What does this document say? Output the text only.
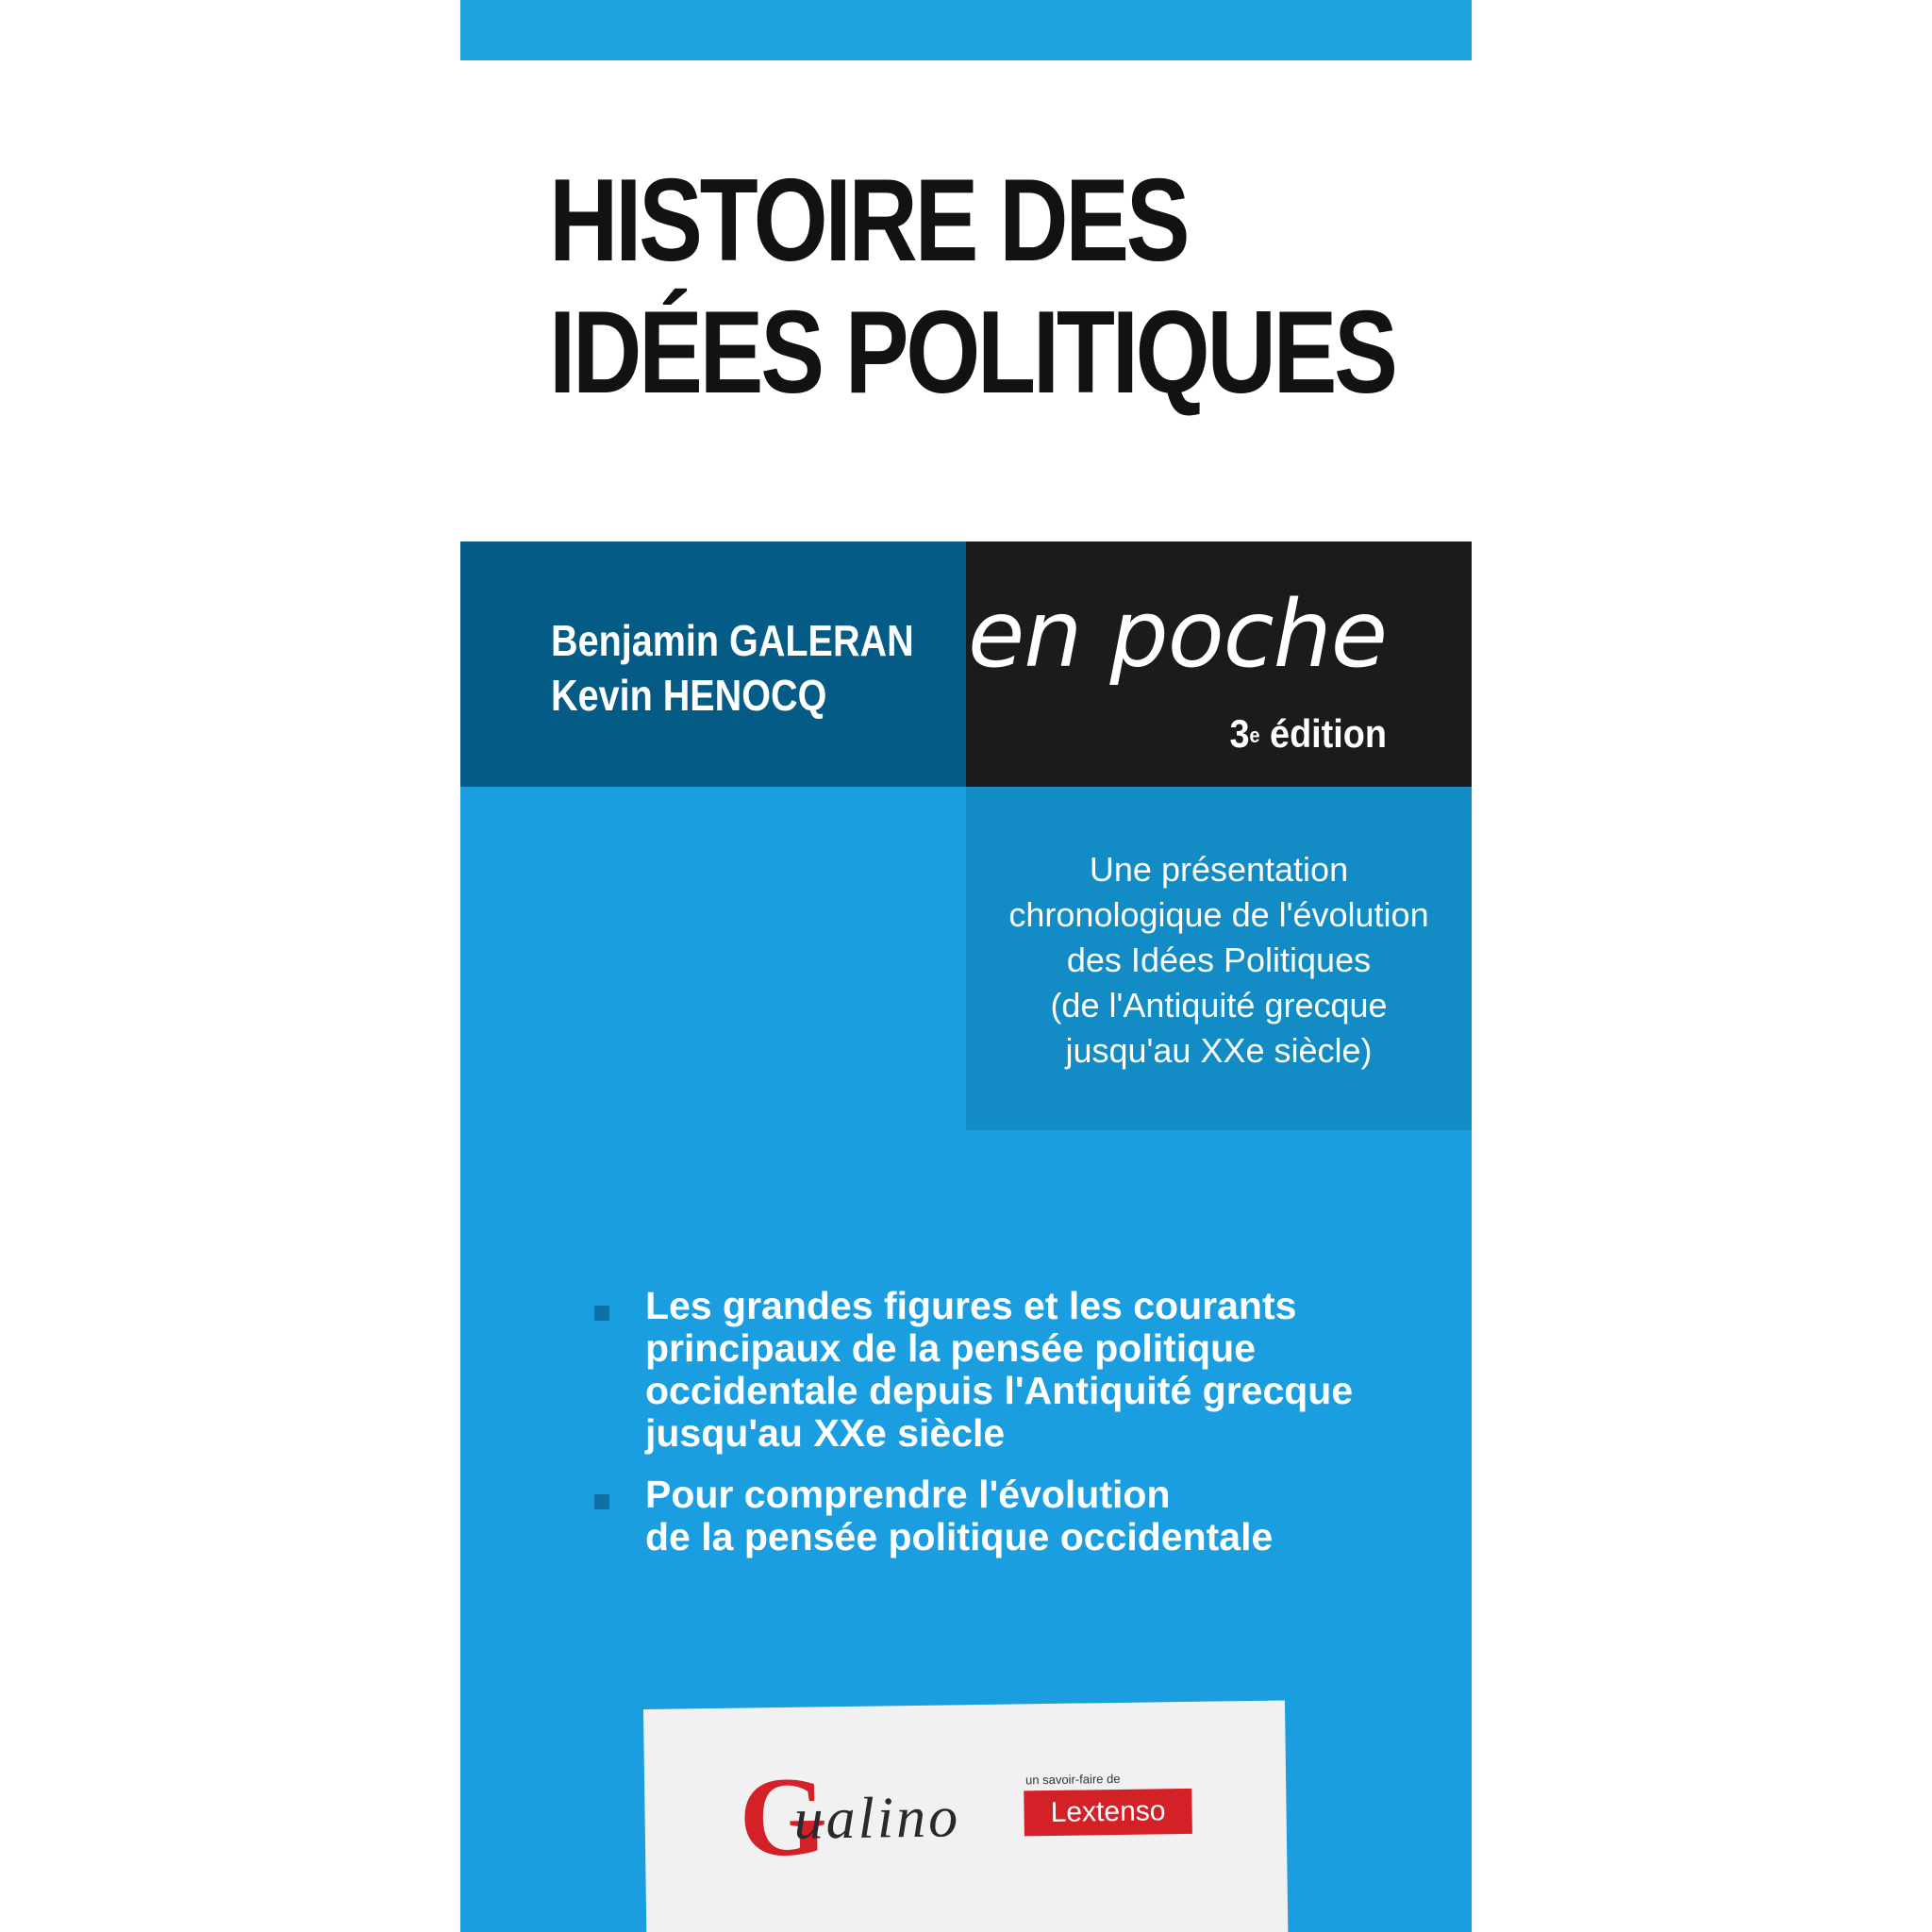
HISTOIRE DES
IDÉES POLITIQUES
Benjamin GALERAN
Kevin HENOCQ
en poche
3e édition
Une présentation
chronologique de l'évolution
des Idées Politiques
(de l'Antiquité grecque
jusqu'au XXe siècle)
Les grandes figures et les courants
principaux de la pensée politique
occidentale depuis l'Antiquité grecque
jusqu'au XXe siècle
Pour comprendre l'évolution
de la pensée politique occidentale
G
ualino
un savoir-faire de
Lextenso
